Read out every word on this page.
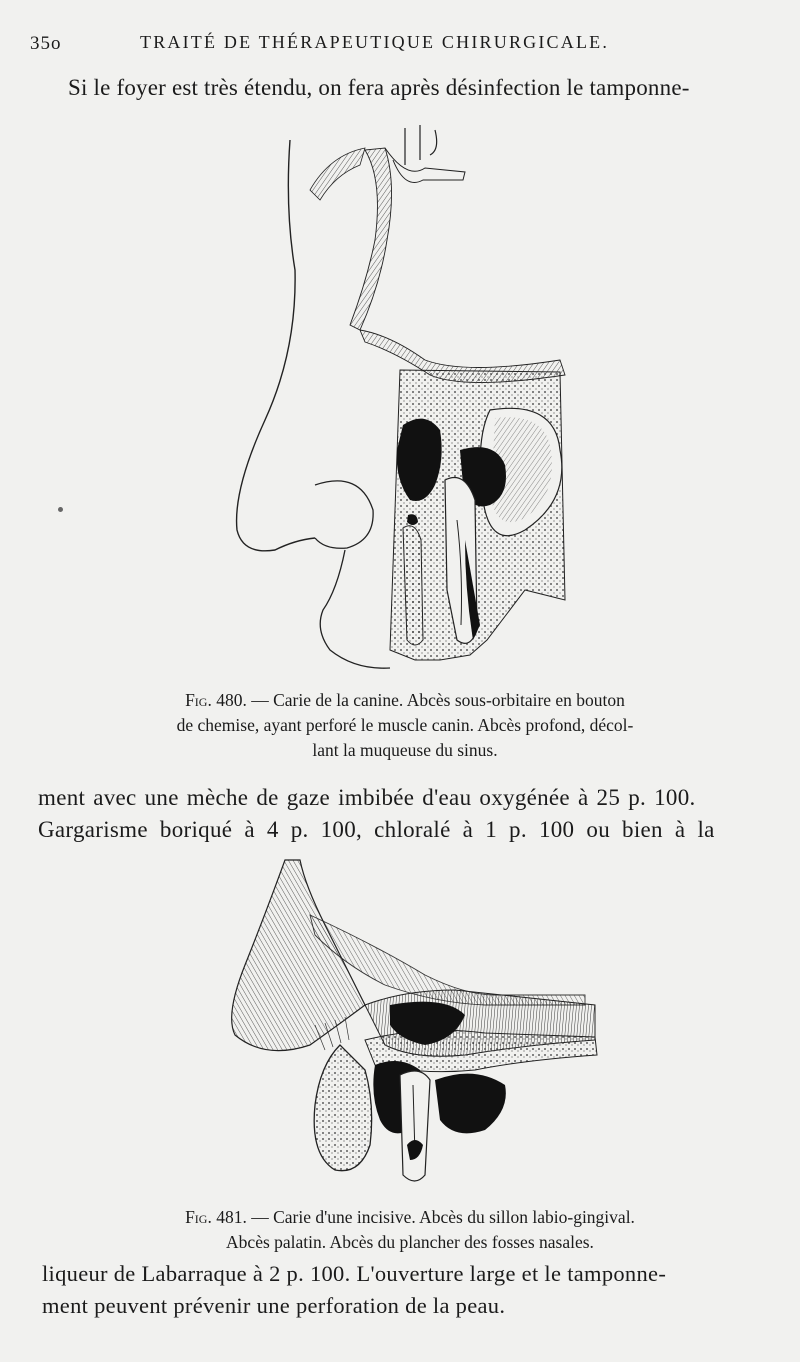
35o	TRAITÉ DE THÉRAPEUTIQUE CHIRURGICALE.
Si le foyer est très étendu, on fera après désinfection le tamponne-
Fig. 480. — Carie de la canine. Abcès sous-orbitaire en bouton
de chemise, ayant perforé le muscle canin. Abcès profond, décol-
lant la muqueuse du sinus.
ment avec une mèche de gaze imbibée d'eau oxygénée à 25 p. 100.
Gargarisme boriqué à 4 p. 100, chloralé à 1 p. 100 ou bien à la
Fig. 481. — Carie d'une incisive. Abcès du sillon labio-gingival.
Abcès palatin. Abcès du plancher des fosses nasales.
liqueur de Labarraque à 2 p. 100. L'ouverture large et le tamponne-
ment peuvent prévenir une perforation de la peau.
